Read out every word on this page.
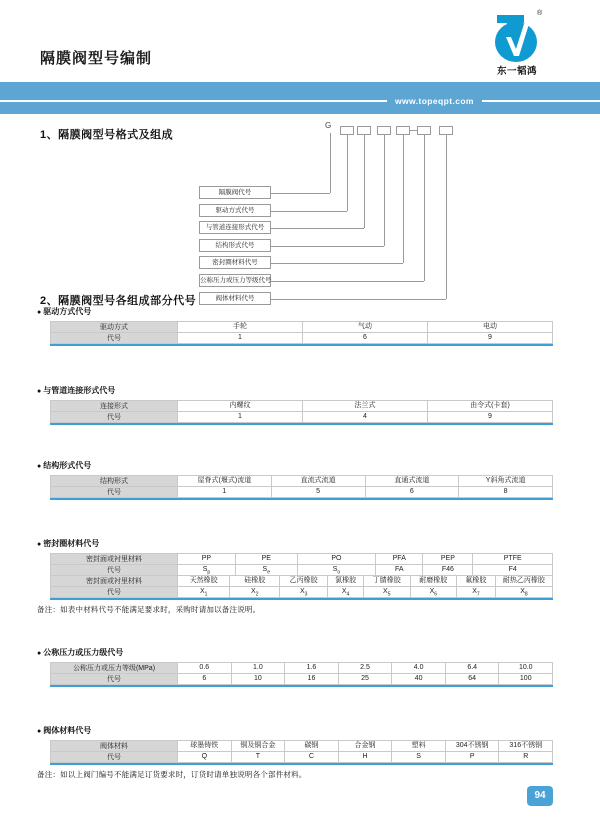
隔膜阀型号编制
®
东一韬鸿
www.topeqpt.com
1、隔膜阀型号格式及组成
2、隔膜阀型号各组成部分代号
G
隔膜阀代号
驱动方式代号
与管道连接形式代号
结构形式代号
密封圈材料代号
公称压力或压力等级代号
阀体材料代号
● 驱动方式代号
驱动方式	手轮	气动	电动
代号	1	6	9
● 与管道连接形式代号
连接形式	内螺纹	法兰式	由令式(卡套)
代号	1	4	9
● 结构形式代号
结构形式	屋脊式(堰式)流道	直流式流道	直通式流道	Y斜角式流道
代号	1	5	6	8
● 密封圈材料代号
密封面或衬里材料	PP	PE	PO	PFA	PEP	PTFE
代号	$S_p$	$S_e$	$S_o$	FA	F46	F4
密封面或衬里材料	天然橡胶	硅橡胶	乙丙橡胶	氯橡胶	丁腈橡胶	耐磨橡胶	氟橡胶	耐热乙丙橡胶
代号	$X_1$	$X_2$	$X_3$	$X_4$	$X_5$	$X_6$	$X_7$	$X_8$
备注：如表中材料代号不能满足要求时，采购时请加以备注说明。
● 公称压力或压力级代号
公称压力或压力等级(MPa)	0.6	1.0	1.6	2.5	4.0	6.4	10.0
代号	6	10	16	25	40	64	100
● 阀体材料代号
阀体材料	球墨铸铁	铜及铜合金	碳钢	合金钢	塑料	304不锈钢	316不锈钢
代号	Q	T	C	H	S	P	R
备注：如以上阀门编号不能满足订货要求时，订货时请单独说明各个部件材料。
94
